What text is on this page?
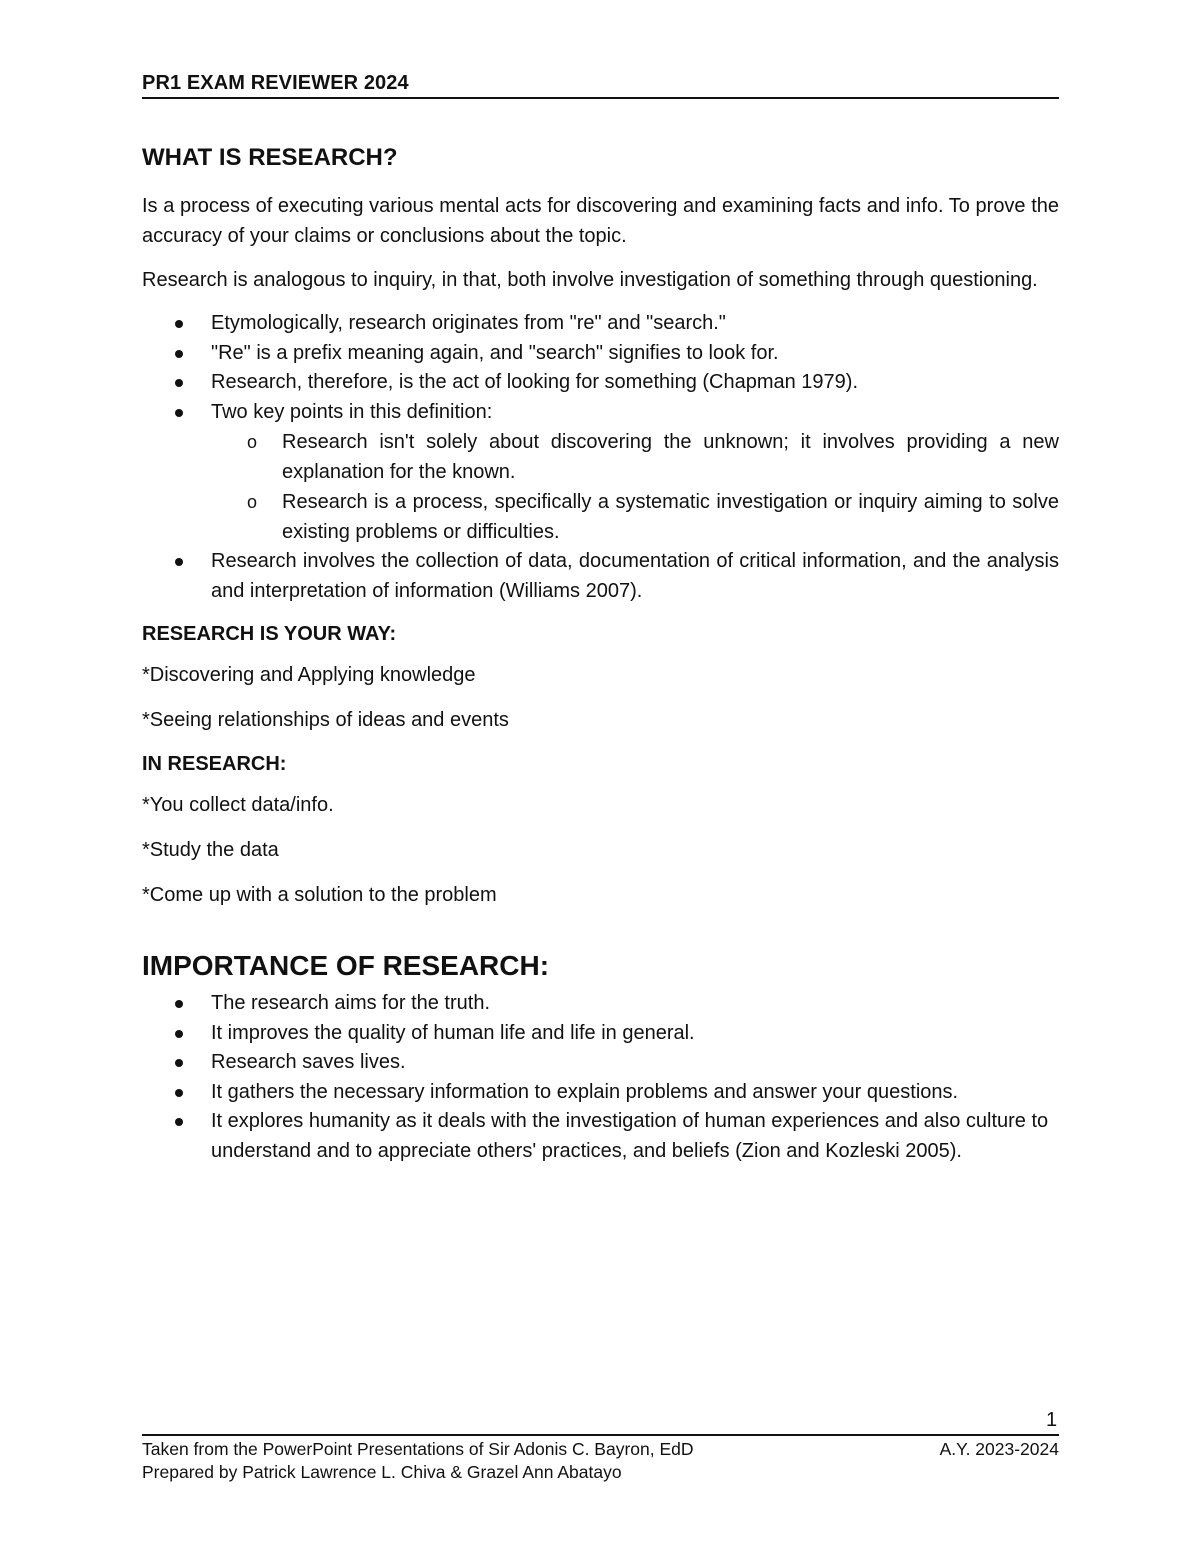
PR1 EXAM REVIEWER 2024
WHAT IS RESEARCH?

Is a process of executing various mental acts for discovering and examining facts and info. To prove the accuracy of your claims or conclusions about the topic.

Research is analogous to inquiry, in that, both involve investigation of something through questioning.

Etymologically, research originates from "re" and "search."
"Re" is a prefix meaning again, and "search" signifies to look for.
Research, therefore, is the act of looking for something (Chapman 1979).
Two key points in this definition:
o Research isn't solely about discovering the unknown; it involves providing a new explanation for the known.
o Research is a process, specifically a systematic investigation or inquiry aiming to solve existing problems or difficulties.
Research involves the collection of data, documentation of critical information, and the analysis and interpretation of information (Williams 2007).
RESEARCH IS YOUR WAY:

*Discovering and Applying knowledge

*Seeing relationships of ideas and events

IN RESEARCH:

*You collect data/info.

*Study the data

*Come up with a solution to the problem

IMPORTANCE OF RESEARCH:
The research aims for the truth.
It improves the quality of human life and life in general.
Research saves lives.
It gathers the necessary information to explain problems and answer your questions.
It explores humanity as it deals with the investigation of human experiences and also culture to understand and to appreciate others' practices, and beliefs (Zion and Kozleski 2005).
1
Taken from the PowerPoint Presentations of Sir Adonis C. Bayron, EdD	A.Y. 2023-2024
Prepared by Patrick Lawrence L. Chiva & Grazel Ann Abatayo
